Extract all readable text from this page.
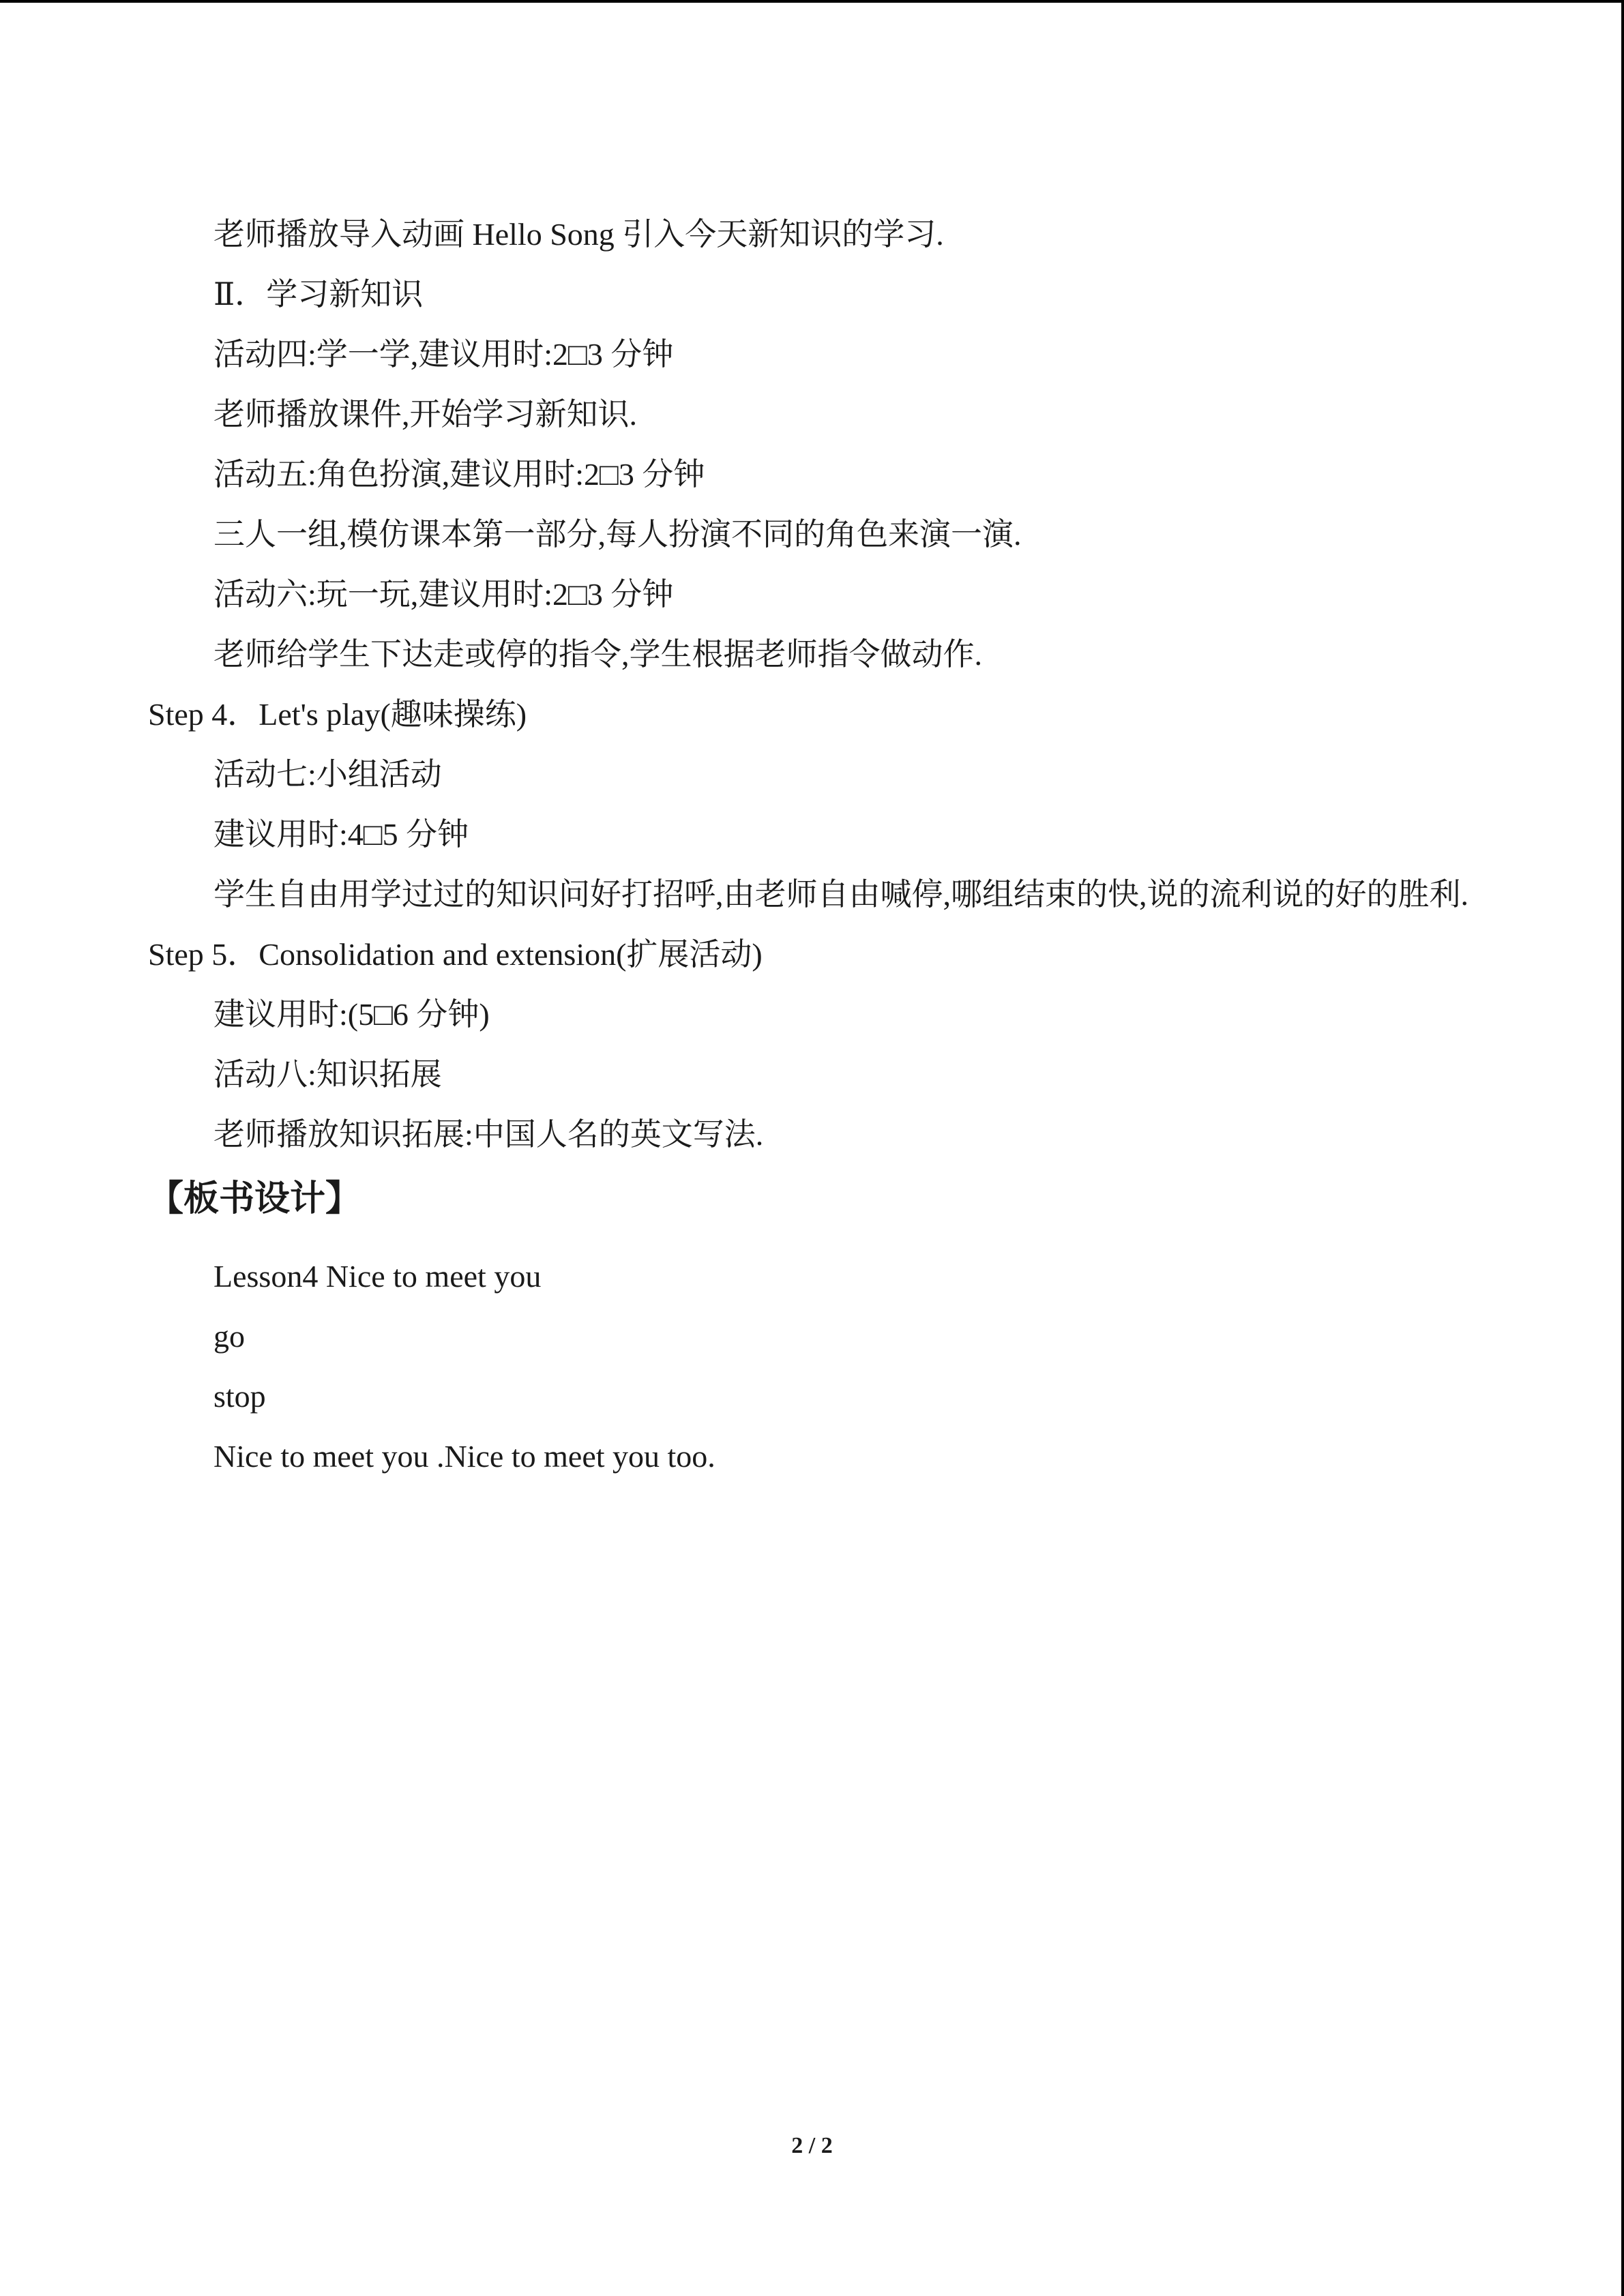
老师播放导入动画 Hello Song 引入今天新知识的学习.
Ⅱ．学习新知识
活动四:学一学,建议用时:2□3 分钟
老师播放课件,开始学习新知识.
活动五:角色扮演,建议用时:2□3 分钟
三人一组,模仿课本第一部分,每人扮演不同的角色来演一演.
活动六:玩一玩,建议用时:2□3 分钟
老师给学生下达走或停的指令,学生根据老师指令做动作.
Step 4．Let's play(趣味操练)
活动七:小组活动
建议用时:4□5 分钟
学生自由用学过过的知识问好打招呼,由老师自由喊停,哪组结束的快,说的流利说的好的胜利.
Step 5．Consolidation and extension(扩展活动)
建议用时:(5□6 分钟)
活动八:知识拓展
老师播放知识拓展:中国人名的英文写法.
【板书设计】
Lesson4 Nice to meet you
go
stop
Nice to meet you .Nice to meet you too.
2 / 2
